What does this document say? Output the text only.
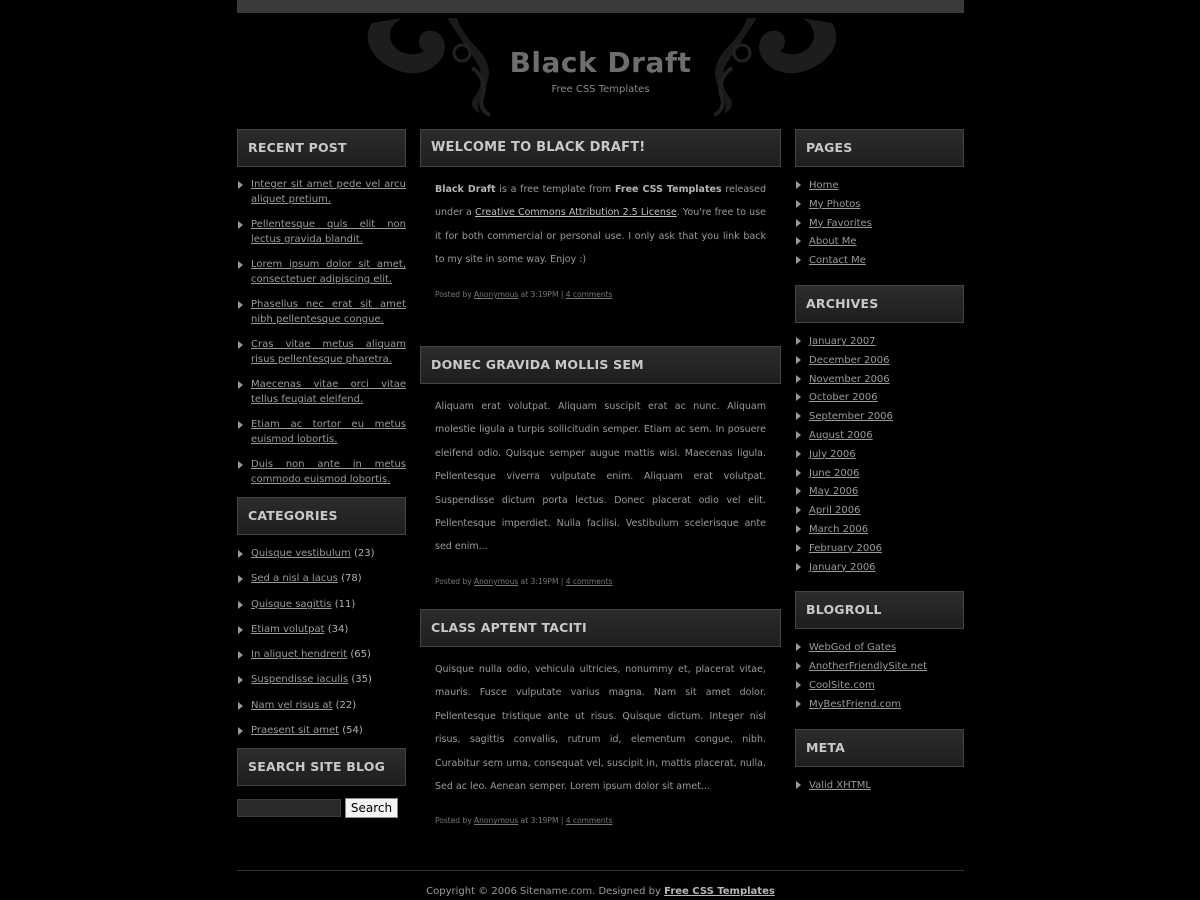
Black Draft
Free CSS Templates
RECENT POST
Integer sit amet pede vel arcu aliquet pretium.
Pellentesque quis elit non lectus gravida blandit.
Lorem ipsum dolor sit amet, consectetuer adipiscing elit.
Phasellus nec erat sit amet nibh pellentesque congue.
Cras vitae metus aliquam risus pellentesque pharetra.
Maecenas vitae orci vitae tellus feugiat eleifend.
Etiam ac tortor eu metus euismod lobortis.
Duis non ante in metus commodo euismod lobortis.
CATEGORIES
Quisque vestibulum (23)
Sed a nisl a lacus (78)
Quisque sagittis (11)
Etiam volutpat (34)
In aliquet hendrerit (65)
Suspendisse iaculis (35)
Nam vel risus at (22)
Praesent sit amet (54)
SEARCH SITE BLOG
Search
WELCOME TO BLACK DRAFT!
Black Draft is a free template from Free CSS Templates released under a Creative Commons Attribution 2.5 License. You're free to use it for both commercial or personal use. I only ask that you link back to my site in some way. Enjoy :)
Posted by Anonymous at 3:19PM | 4 comments
DONEC GRAVIDA MOLLIS SEM
Aliquam erat volutpat. Aliquam suscipit erat ac nunc. Aliquam molestie ligula a turpis sollicitudin semper. Etiam ac sem. In posuere eleifend odio. Quisque semper augue mattis wisi. Maecenas ligula. Pellentesque viverra vulputate enim. Aliquam erat volutpat. Suspendisse dictum porta lectus. Donec placerat odio vel elit. Pellentesque imperdiet. Nulla facilisi. Vestibulum scelerisque ante sed enim...
Posted by Anonymous at 3:19PM | 4 comments
CLASS APTENT TACITI
Quisque nulla odio, vehicula ultricies, nonummy et, placerat vitae, mauris. Fusce vulputate varius magna. Nam sit amet dolor. Pellentesque tristique ante ut risus. Quisque dictum. Integer nisl risus, sagittis convallis, rutrum id, elementum congue, nibh. Curabitur sem urna, consequat vel, suscipit in, mattis placerat, nulla. Sed ac leo. Aenean semper. Lorem ipsum dolor sit amet...
Posted by Anonymous at 3:19PM | 4 comments
PAGES
Home
My Photos
My Favorites
About Me
Contact Me
ARCHIVES
January 2007
December 2006
November 2006
October 2006
September 2006
August 2006
July 2006
June 2006
May 2006
April 2006
March 2006
February 2006
January 2006
BLOGROLL
WebGod of Gates
AnotherFriendlySite.net
CoolSite.com
MyBestFriend.com
META
Valid XHTML
Copyright © 2006 Sitename.com. Designed by Free CSS Templates
